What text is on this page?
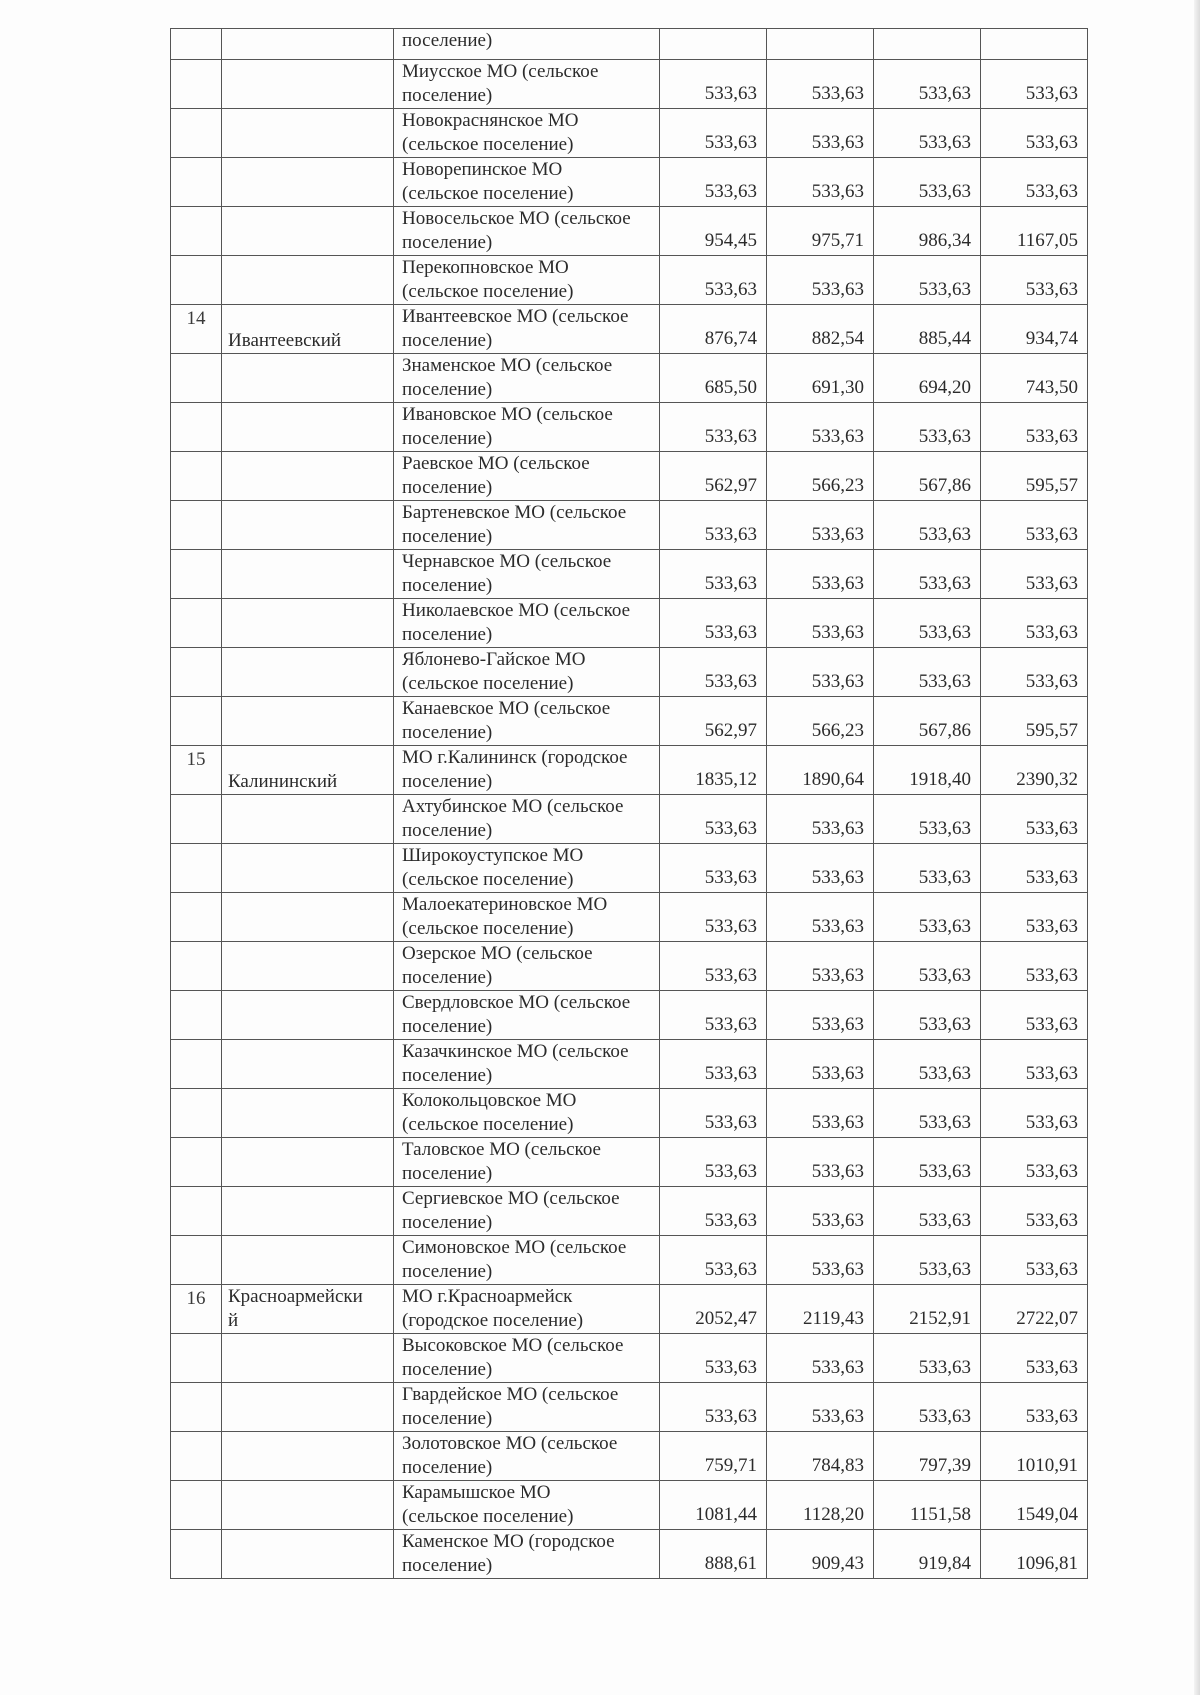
		поселение)				

		Миусское МО (сельское
поселение)	533,63	533,63	533,63	533,63

		Новокраснянское МО
(сельское поселение)	533,63	533,63	533,63	533,63

		Новорепинское МО
(сельское поселение)	533,63	533,63	533,63	533,63

		Новосельское МО (сельское
поселение)	954,45	975,71	986,34	1167,05

		Перекопновское МО
(сельское поселение)	533,63	533,63	533,63	533,63

14	Ивантеевский	Ивантеевское МО (сельское
поселение)	876,74	882,54	885,44	934,74

		Знаменское МО (сельское
поселение)	685,50	691,30	694,20	743,50

		Ивановское МО (сельское
поселение)	533,63	533,63	533,63	533,63

		Раевское МО (сельское
поселение)	562,97	566,23	567,86	595,57

		Бартеневское МО (сельское
поселение)	533,63	533,63	533,63	533,63

		Чернавское МО (сельское
поселение)	533,63	533,63	533,63	533,63

		Николаевское МО (сельское
поселение)	533,63	533,63	533,63	533,63

		Яблонево-Гайское МО
(сельское поселение)	533,63	533,63	533,63	533,63

		Канаевское МО (сельское
поселение)	562,97	566,23	567,86	595,57

15	Калининский	МО г.Калининск (городское
поселение)	1835,12	1890,64	1918,40	2390,32

		Ахтубинское МО (сельское
поселение)	533,63	533,63	533,63	533,63

		Широкоуступское МО
(сельское поселение)	533,63	533,63	533,63	533,63

		Малоекатериновское МО
(сельское поселение)	533,63	533,63	533,63	533,63

		Озерское МО (сельское
поселение)	533,63	533,63	533,63	533,63

		Свердловское МО (сельское
поселение)	533,63	533,63	533,63	533,63

		Казачкинское МО (сельское
поселение)	533,63	533,63	533,63	533,63

		Колокольцовское МО
(сельское поселение)	533,63	533,63	533,63	533,63

		Таловское МО (сельское
поселение)	533,63	533,63	533,63	533,63

		Сергиевское МО (сельское
поселение)	533,63	533,63	533,63	533,63

		Симоновское МО (сельское
поселение)	533,63	533,63	533,63	533,63

16	Красноармейски
й	МО г.Красноармейск
(городское поселение)	2052,47	2119,43	2152,91	2722,07

		Высоковское МО (сельское
поселение)	533,63	533,63	533,63	533,63

		Гвардейское МО (сельское
поселение)	533,63	533,63	533,63	533,63

		Золотовское МО (сельское
поселение)	759,71	784,83	797,39	1010,91

		Карамышское МО
(сельское поселение)	1081,44	1128,20	1151,58	1549,04

		Каменское МО (городское
поселение)	888,61	909,43	919,84	1096,81
